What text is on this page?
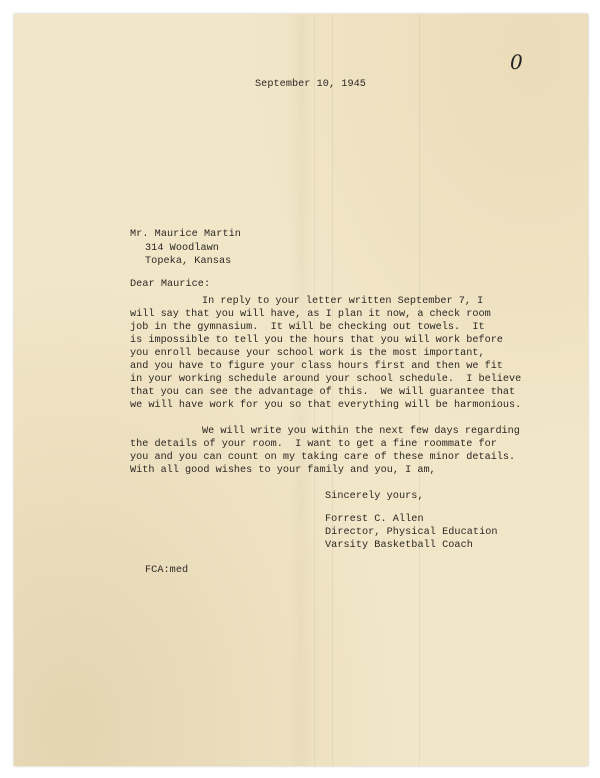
0
September 10, 1945
Mr. Maurice Martin
314 Woodlawn
Topeka, Kansas
Dear Maurice:
In reply to your letter written September 7, I
will say that you will have, as I plan it now, a check room
job in the gymnasium.  It will be checking out towels.  It
is impossible to tell you the hours that you will work before
you enroll because your school work is the most important,
and you have to figure your class hours first and then we fit
in your working schedule around your school schedule.  I believe
that you can see the advantage of this.  We will guarantee that
we will have work for you so that everything will be harmonious.
We will write you within the next few days regarding
the details of your room.  I want to get a fine roommate for
you and you can count on my taking care of these minor details.
With all good wishes to your family and you, I am,
Sincerely yours,
Forrest C. Allen
Director, Physical Education
Varsity Basketball Coach
FCA:med
